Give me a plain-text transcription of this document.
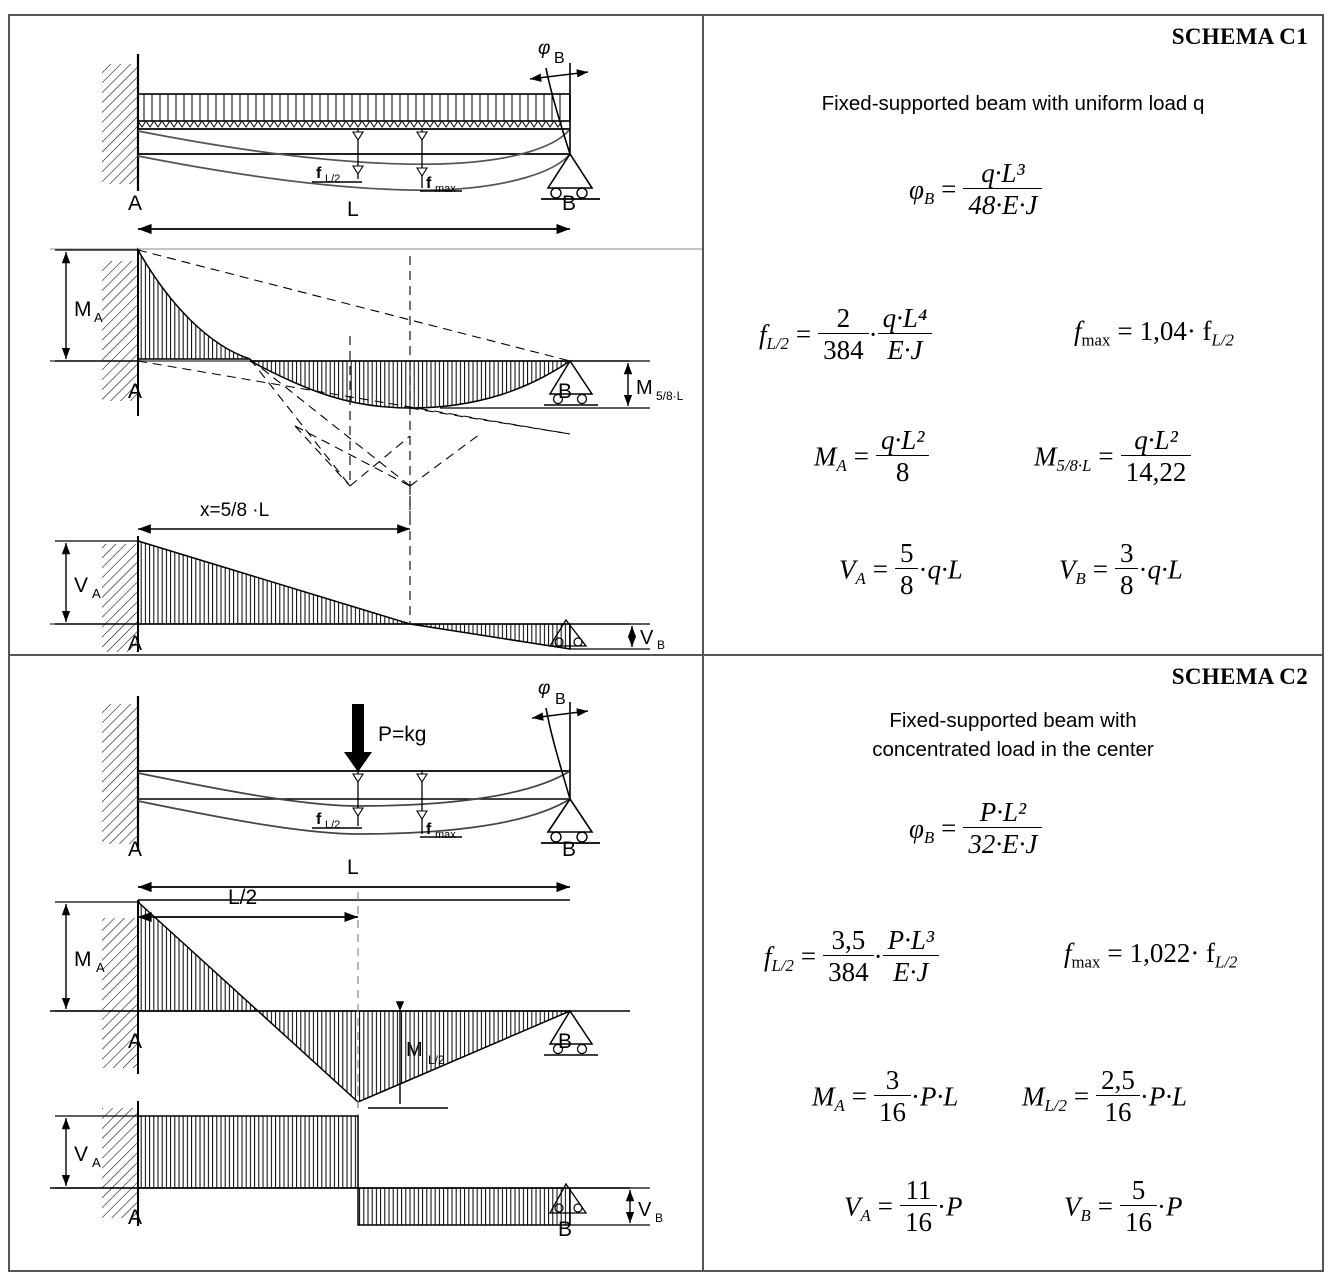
φ B
f L/2	f max
A	B
L
M A
M 5/8·L
A	B
x=5/8 ·L
V A
V B
A
SCHEMA C1
Fixed-supported beam with uniform load q
$\varphi_B = \frac{\text{q·L³}}{48\cdot E\cdot J}$
$f_{L/2} = \frac{2}{384} \cdot \frac{\text{q·L⁴}}{E\cdot J}$	$fmax = 1,04\cdot f_{L/2}$
$M_A = \frac{\text{q·L²}}{8}$	$M_{5/8\cdot L} = \frac{\text{q·L²}}{14,22}$
$V_A = \frac{5}{8} \cdot q\cdot L$	$V_B = \frac{3}{8} \cdot q\cdot L$
P=kg
φ
B
f L/2	f max
A	B
L
L/2
M A
M L/2
A	B
V A
V B
A
B
SCHEMA C2
Fixed-supported beam with
concentrated load in the center
$\varphi_B = \frac{\text{P·L²}}{32\cdot E\cdot J}$
$f_{L/2} = \frac{3,5}{384} \cdot \frac{\text{P·L³}}{E\cdot J}$	$fmax = 1,022\cdot f_{L/2}$
$M_A = \frac{3}{16} \cdot P\cdot L$ $M_{L/2} = \frac{2,5}{16} \cdot P\cdot L$
$V_A = \frac{11}{16} \cdot P$	$V_B = \frac{5}{16} \cdot P$
